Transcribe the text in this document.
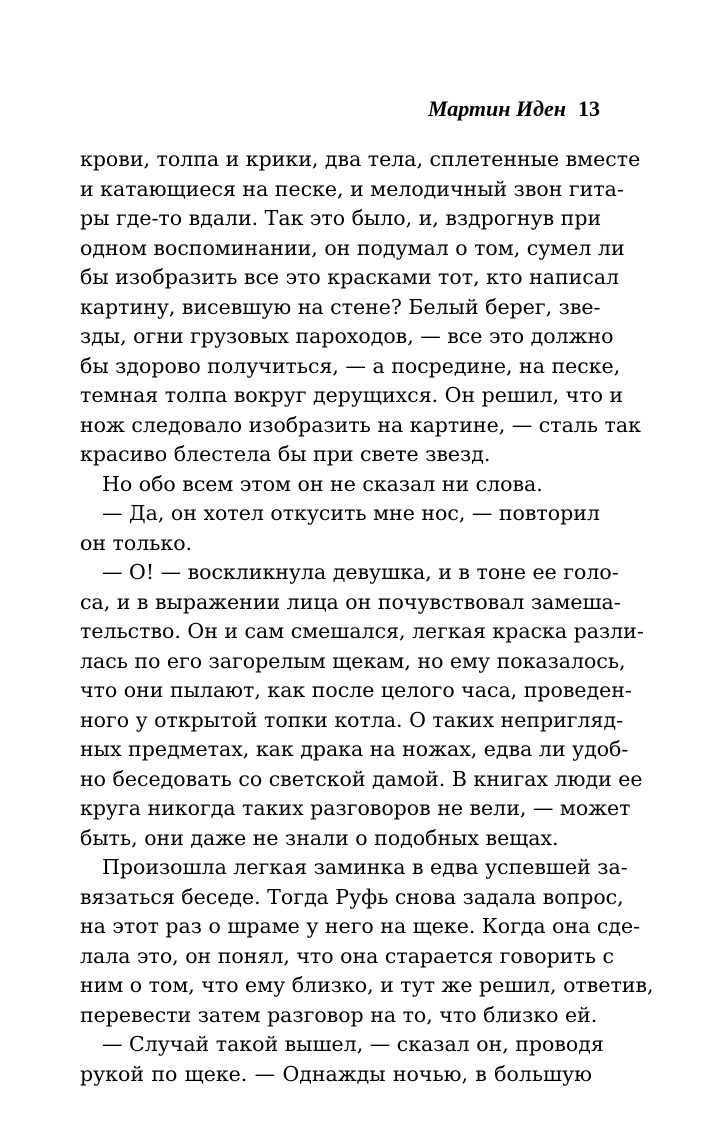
Мартин Иден 13
крови, толпа и крики, два тела, сплетенные вместе
и катающиеся на песке, и мелодичный звон гита-
ры где-то вдали. Так это было, и, вздрогнув при
одном воспоминании, он подумал о том, сумел ли
бы изобразить все это красками тот, кто написал
картину, висевшую на стене? Белый берег, зве-
зды, огни грузовых пароходов, — все это должно
бы здорово получиться, — а посредине, на песке,
темная толпа вокруг дерущихся. Он решил, что и
нож следовало изобразить на картине, — сталь так
красиво блестела бы при свете звезд.
Но обо всем этом он не сказал ни слова.
— Да, он хотел откусить мне нос, — повторил
он только.
— О! — воскликнула девушка, и в тоне ее голо-
са, и в выражении лица он почувствовал замеша-
тельство. Он и сам смешался, легкая краска разли-
лась по его загорелым щекам, но ему показалось,
что они пылают, как после целого часа, проведен-
ного у открытой топки котла. О таких непригляд-
ных предметах, как драка на ножах, едва ли удоб-
но беседовать со светской дамой. В книгах люди ее
круга никогда таких разговоров не вели, — может
быть, они даже не знали о подобных вещах.
Произошла легкая заминка в едва успевшей за-
вязаться беседе. Тогда Руфь снова задала вопрос,
на этот раз о шраме у него на щеке. Когда она сде-
лала это, он понял, что она старается говорить с
ним о том, что ему близко, и тут же решил, ответив,
перевести затем разговор на то, что близко ей.
— Случай такой вышел, — сказал он, проводя
рукой по щеке. — Однажды ночью, в большую
